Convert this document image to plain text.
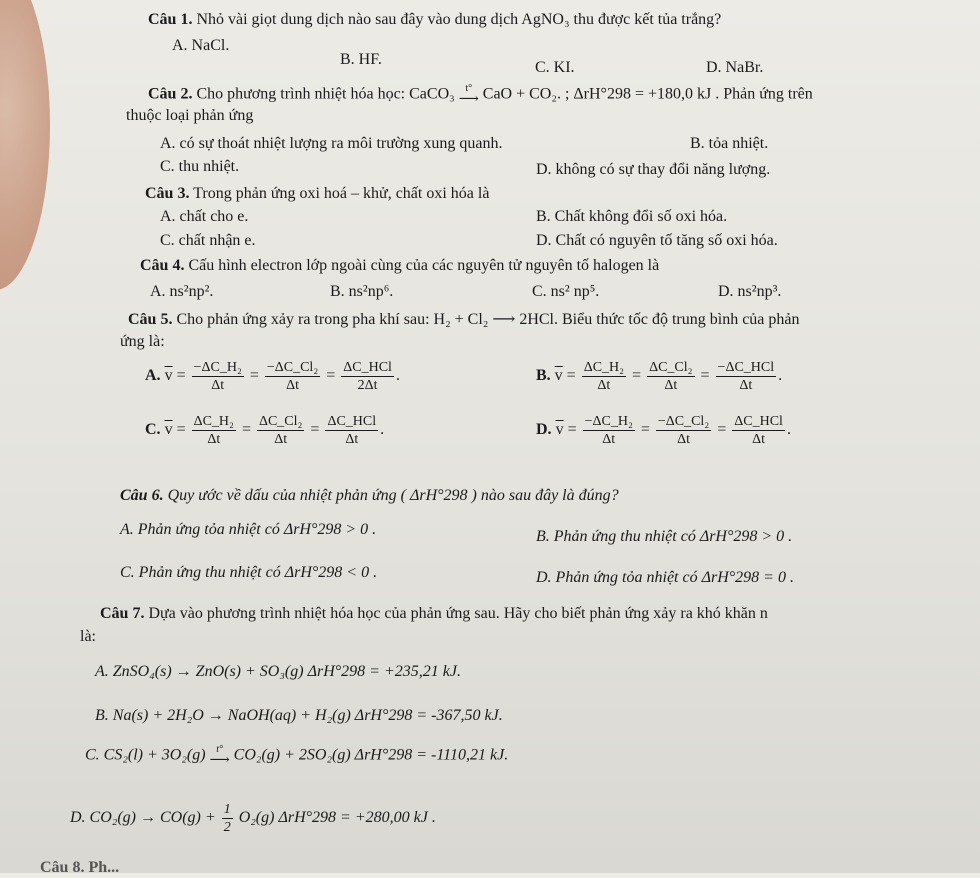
Câu 1. Nhỏ vài giọt dung dịch nào sau đây vào dung dịch AgNO₃ thu được kết tủa trắng?
A. NaCl.
B. HF.	C. KI.	D. NaBr.
Câu 2. Cho phương trình nhiệt hóa học: CaCO₃	t°
⟶ CaO + CO₂. ; ΔrH°298 = +180,0 kJ . Phản ứng trên
thuộc loại phản ứng
A. có sự thoát nhiệt lượng ra môi trường xung quanh.	B. tỏa nhiệt.
C. thu nhiệt.	D. không có sự thay đổi năng lượng.
Câu 3. Trong phản ứng oxi hoá – khử, chất oxi hóa là
A. chất cho e.	B. Chất không đổi số oxi hóa.
C. chất nhận e.	D. Chất có nguyên tố tăng số oxi hóa.
Câu 4. Cấu hình electron lớp ngoài cùng của các nguyên tử nguyên tố halogen là
A. ns²np².	B. ns²np⁶.	C. ns² np⁵.	D. ns²np³.
Câu 5. Cho phản ứng xảy ra trong pha khí sau: H₂ + Cl₂ ⟶ 2HCl. Biểu thức tốc độ trung bình của phản
ứng là:
A. $\overline{v} = \frac{\text{−ΔC\_H₂}}{\Delta t} = \frac{\text{−ΔC\_Cl₂}}{\Delta t} = \frac{\text{ΔC\_HCl}}{2\Delta t}$ .	B. $\overline{v} = \frac{\text{ΔC\_H₂}}{\Delta t} = \frac{\text{ΔC\_Cl₂}}{\Delta t} = \frac{\text{−ΔC\_HCl}}{\Delta t}$ .
C. $\overline{v} = \frac{\text{ΔC\_H₂}}{\Delta t} = \frac{\text{ΔC\_Cl₂}}{\Delta t} = \frac{\text{ΔC\_HCl}}{\Delta t}$ .	D. $\overline{v} = \frac{\text{−ΔC\_H₂}}{\Delta t} = \frac{\text{−ΔC\_Cl₂}}{\Delta t} = \frac{\text{ΔC\_HCl}}{\Delta t}$ .
Câu 6. Quy ước về dấu của nhiệt phản ứng ( ΔrH°298 ) nào sau đây là đúng?
A. Phản ứng tỏa nhiệt có ΔrH°298 > 0 .	B. Phản ứng thu nhiệt có ΔrH°298 > 0 .
C. Phản ứng thu nhiệt có ΔrH°298 < 0 .	D. Phản ứng tỏa nhiệt có ΔrH°298 = 0 .
Câu 7. Dựa vào phương trình nhiệt hóa học của phản ứng sau. Hãy cho biết phản ứng xảy ra khó khăn n
là:
A. ZnSO₄(s) → ZnO(s) + SO₃(g) ΔrH°298 = +235,21 kJ.
B. Na(s) + 2H₂O → NaOH(aq) + H₂(g) ΔrH°298 = -367,50 kJ.
C. CS₂(l) + 3O₂(g)	t°
⟶ CO₂(g) + 2SO₂(g) ΔrH°298 = -1110,21 kJ.
D. $CO_2(g) \to CO(g) + \frac{1}{2} O_2(g) \Delta rH^\circ 298 = +280,00$ kJ .
Câu 8. Ph...
